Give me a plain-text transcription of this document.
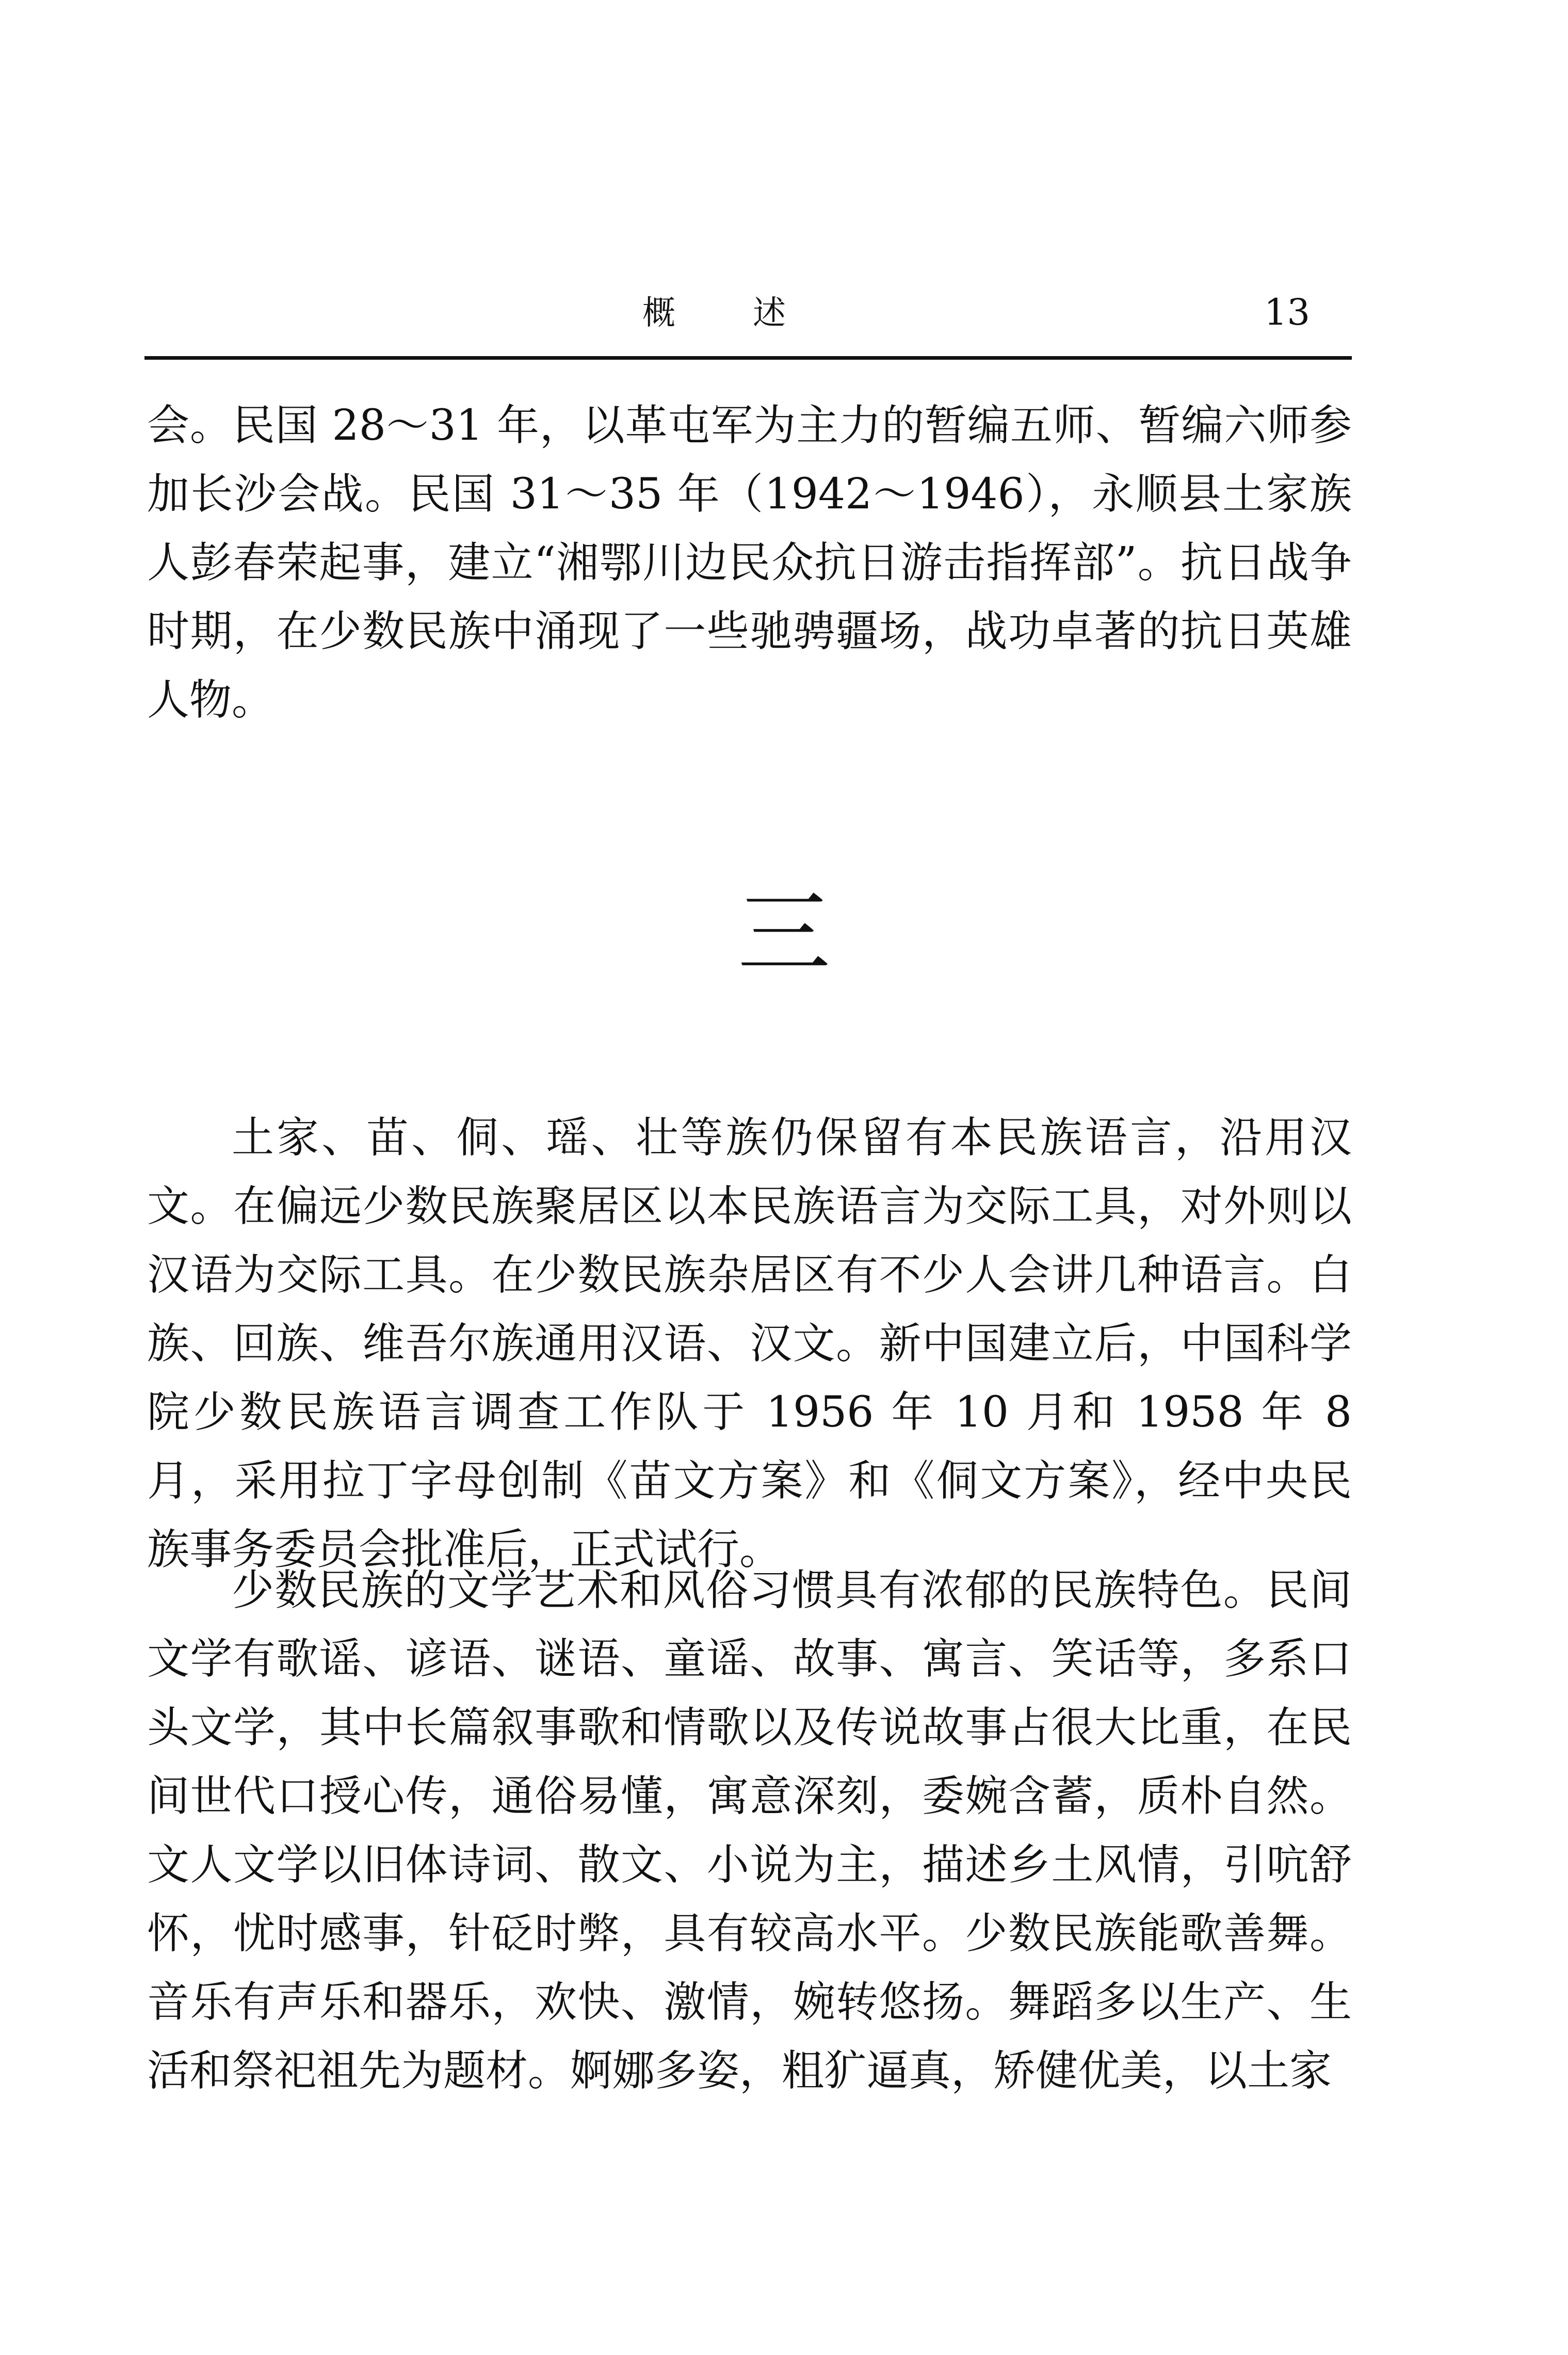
概述	13

会。民国 28～31 年，以革屯军为主力的暂编五师、暂编六师参加长沙会战。民国 31～35 年（1942～1946），永顺县土家族人彭春荣起事，建立“湘鄂川边民众抗日游击指挥部”。抗日战争时期，在少数民族中涌现了一些驰骋疆场，战功卓著的抗日英雄人物。

三

土家、苗、侗、瑶、壮等族仍保留有本民族语言，沿用汉文。在偏远少数民族聚居区以本民族语言为交际工具，对外则以汉语为交际工具。在少数民族杂居区有不少人会讲几种语言。白族、回族、维吾尔族通用汉语、汉文。新中国建立后，中国科学院少数民族语言调查工作队于 1956 年 10 月和 1958 年 8 月，采用拉丁字母创制《苗文方案》和《侗文方案》，经中央民族事务委员会批准后，正式试行。

少数民族的文学艺术和风俗习惯具有浓郁的民族特色。民间文学有歌谣、谚语、谜语、童谣、故事、寓言、笑话等，多系口头文学，其中长篇叙事歌和情歌以及传说故事占很大比重，在民间世代口授心传，通俗易懂，寓意深刻，委婉含蓄，质朴自然。文人文学以旧体诗词、散文、小说为主，描述乡土风情，引吭舒怀，忧时感事，针砭时弊，具有较高水平。少数民族能歌善舞。音乐有声乐和器乐，欢快、激情，婉转悠扬。舞蹈多以生产、生活和祭祀祖先为题材。婀娜多姿，粗犷逼真，矫健优美，以土家
